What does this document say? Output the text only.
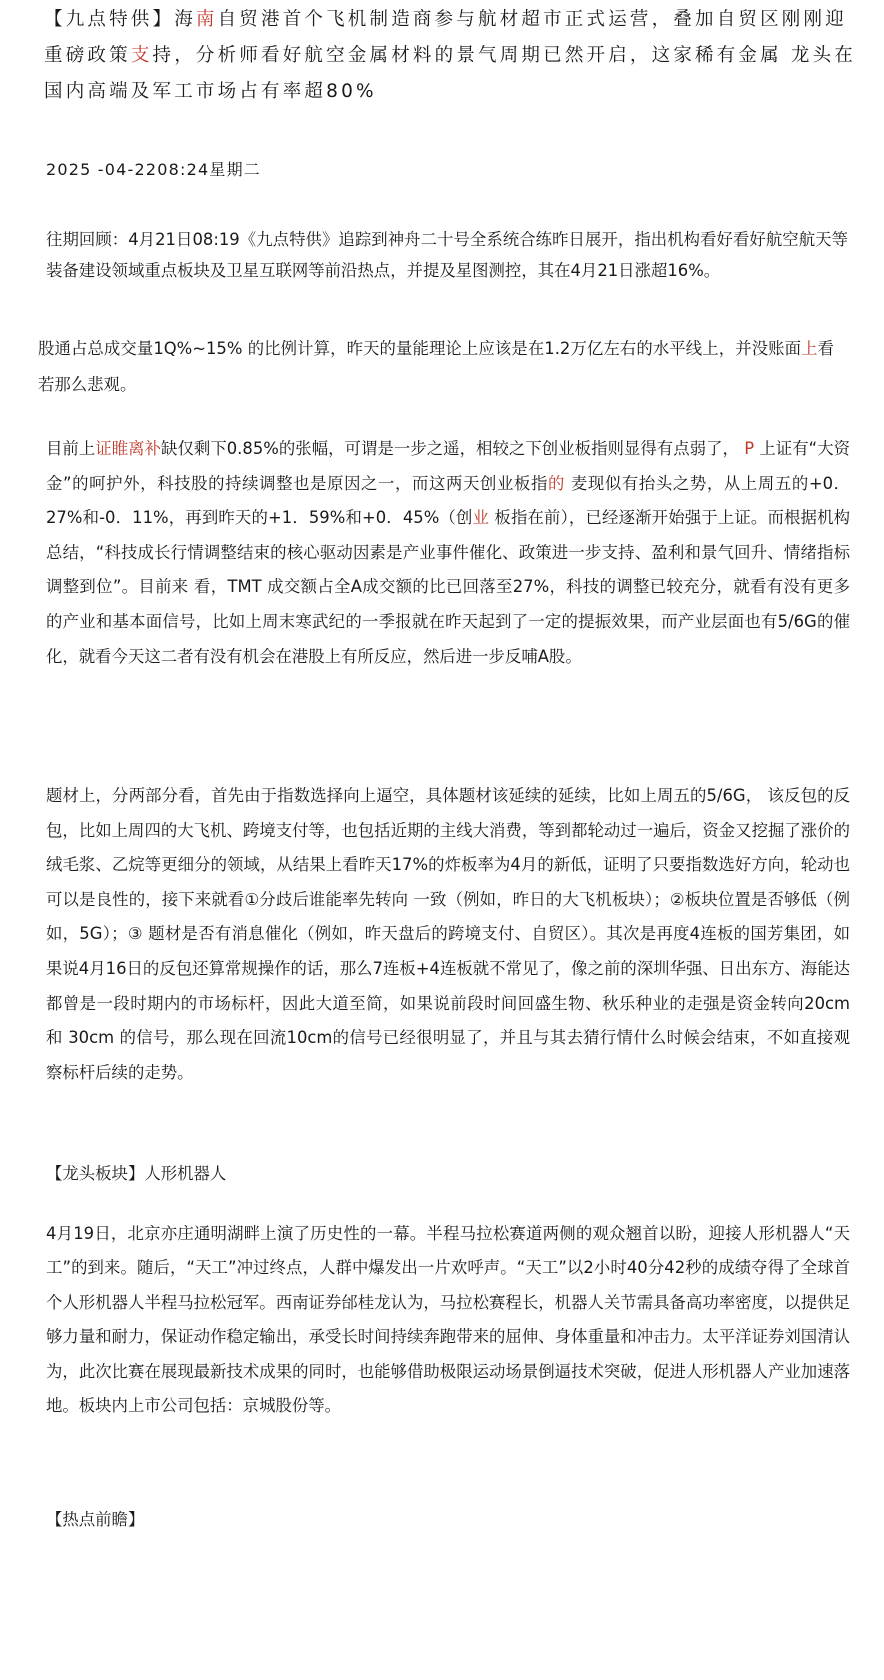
【九点特供】海南自贸港首个飞机制造商参与航材超市正式运营，叠加自贸区刚刚迎重磅政策支持，分析师看好航空金属材料的景气周期已然开启，这家稀有金属 龙头在国内高端及军工市场占有率超80%
2025 -04-2208:24星期二

往期回顾：4月21日08:19《九点特供》追踪到神舟二十号全系统合练昨日展开，指出机构看好看好航空航天等装备建设领域重点板块及卫星互联网等前沿热点，并提及星图测控，其在4月21日涨超16%。

股通占总成交量1Q%~15% 的比例计算，昨天的量能理论上应该是在1.2万亿左右的水平线上，并没账面上看若那么悲观。

目前上证睢离补缺仅剩下0.85%的张幅，可谓是一步之遥，相较之下创业板指则显得有点弱了， P 上证有“大资金”的呵护外，科技股的持续调整也是原因之一，而这两天创业板指的 麦现似有抬头之势，从上周五的+0．27%和-0．11%，再到昨天的+1．59%和+0．45%（创业 板指在前），已经逐渐开始强于上证。而根据机构总结，“科技成长行情调整结束的核心驱动因素是产业事件催化、政策进一步支持、盈利和景气回升、情绪指标调整到位”。目前来 看，TMT 成交额占全A成交额的比已回落至27%，科技的调整已较充分，就看有没有更多的产业和基本面信号，比如上周末寒武纪的一季报就在昨天起到了一定的提振效果，而产业层面也有5/6G的催化，就看今天这二者有没有机会在港股上有所反应，然后进一步反哺A股。

题材上，分两部分看，首先由于指数选择向上逼空，具体题材该延续的延续，比如上周五的5/6G， 该反包的反包，比如上周四的大飞机、跨境支付等，也包括近期的主线大消费，等到都轮动过一遍后，资金又挖掘了涨价的绒毛浆、乙烷等更细分的领域，从结果上看昨天17%的炸板率为4月的新低，证明了只要指数选好方向，轮动也可以是良性的，接下来就看①分歧后谁能率先转向 一致（例如，昨日的大飞机板块）；②板块位置是否够低（例如，5G）；③ 题材是否有消息催化（例如，昨天盘后的跨境支付、自贸区）。其次是再度4连板的国芳集团，如果说4月16日的反包还算常规操作的话，那么7连板+4连板就不常见了，像之前的深圳华强、日出东方、海能达都曾是一段时期内的市场标杆，因此大道至简，如果说前段时间回盛生物、秋乐种业的走强是资金转向20cm 和 30cm 的信号，那么现在回流10cm的信号已经很明显了，并且与其去猜行情什么时候会结束，不如直接观察标杆后续的走势。

【龙头板块】人形机器人

4月19日，北京亦庄通明湖畔上演了历史性的一幕。半程马拉松赛道两侧的观众翘首以盼，迎接人形机器人“天工”的到来。随后，“天工”冲过终点，人群中爆发出一片欢呼声。“天工”以2小时40分42秒的成绩夺得了全球首个人形机器人半程马拉松冠军。西南证券邰桂龙认为，马拉松赛程长，机器人关节需具备高功率密度，以提供足够力量和耐力，保证动作稳定输出，承受长时间持续奔跑带来的屈伸、身体重量和冲击力。太平洋证券刘国清认为，此次比赛在展现最新技术成果的同时，也能够借助极限运动场景倒逼技术突破，促进人形机器人产业加速落地。板块内上市公司包括：京城股份等。

【热点前瞻】
